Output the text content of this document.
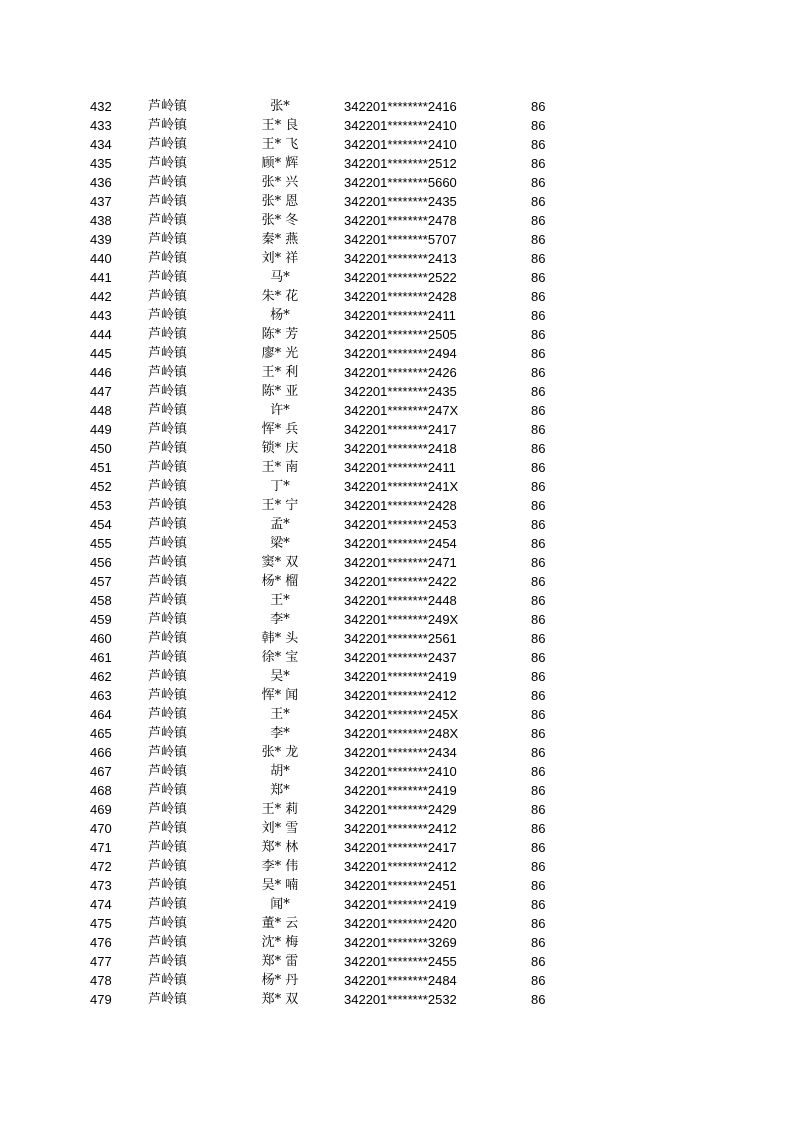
432	芦岭镇	张*	342201********2416	86
433	芦岭镇	王* 良	342201********2410	86
434	芦岭镇	王* 飞	342201********2410	86
435	芦岭镇	顾* 辉	342201********2512	86
436	芦岭镇	张* 兴	342201********5660	86
437	芦岭镇	张* 恩	342201********2435	86
438	芦岭镇	张* 冬	342201********2478	86
439	芦岭镇	秦* 燕	342201********5707	86
440	芦岭镇	刘* 祥	342201********2413	86
441	芦岭镇	马*	342201********2522	86
442	芦岭镇	朱* 花	342201********2428	86
443	芦岭镇	杨*	342201********2411	86
444	芦岭镇	陈* 芳	342201********2505	86
445	芦岭镇	廖* 光	342201********2494	86
446	芦岭镇	王* 利	342201********2426	86
447	芦岭镇	陈* 亚	342201********2435	86
448	芦岭镇	许*	342201********247X	86
449	芦岭镇	恽* 兵	342201********2417	86
450	芦岭镇	锁* 庆	342201********2418	86
451	芦岭镇	王* 南	342201********2411	86
452	芦岭镇	丁*	342201********241X	86
453	芦岭镇	王* 宁	342201********2428	86
454	芦岭镇	孟*	342201********2453	86
455	芦岭镇	梁*	342201********2454	86
456	芦岭镇	窦* 双	342201********2471	86
457	芦岭镇	杨* 榴	342201********2422	86
458	芦岭镇	王*	342201********2448	86
459	芦岭镇	李*	342201********249X	86
460	芦岭镇	韩* 头	342201********2561	86
461	芦岭镇	徐* 宝	342201********2437	86
462	芦岭镇	吴*	342201********2419	86
463	芦岭镇	恽* 闻	342201********2412	86
464	芦岭镇	王*	342201********245X	86
465	芦岭镇	李*	342201********248X	86
466	芦岭镇	张* 龙	342201********2434	86
467	芦岭镇	胡*	342201********2410	86
468	芦岭镇	郑*	342201********2419	86
469	芦岭镇	王* 莉	342201********2429	86
470	芦岭镇	刘* 雪	342201********2412	86
471	芦岭镇	郑* 林	342201********2417	86
472	芦岭镇	李* 伟	342201********2412	86
473	芦岭镇	吴* 喃	342201********2451	86
474	芦岭镇	闻*	342201********2419	86
475	芦岭镇	董* 云	342201********2420	86
476	芦岭镇	沈* 梅	342201********3269	86
477	芦岭镇	郑* 雷	342201********2455	86
478	芦岭镇	杨* 丹	342201********2484	86
479	芦岭镇	郑* 双	342201********2532	86
